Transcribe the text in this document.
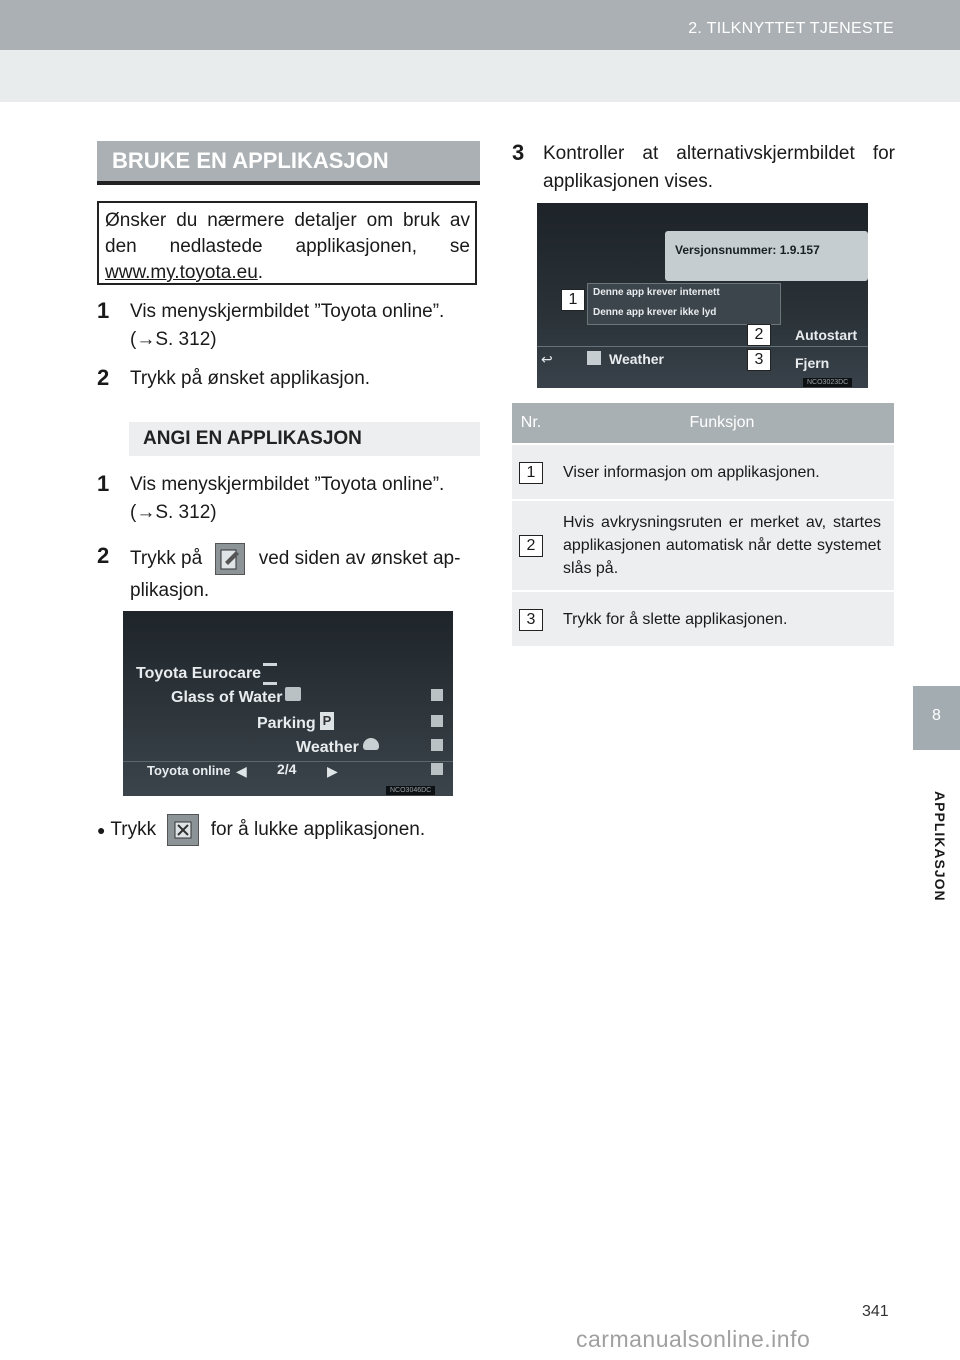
2. TILKNYTTET TJENESTE
8
APPLIKASJON
BRUKE EN APPLIKASJON
Ønsker du nærmere detaljer om bruk av den nedlastede applikasjonen, se www.my.toyota.eu.
1 Vis menyskjermbildet ”Toyota online”.
(→S. 312)
2 Trykk på ønsket applikasjon.
ANGI EN APPLIKASJON
1 Vis menyskjermbildet ”Toyota online”.
(→S. 312)
2 Trykk på	ved siden av ønsket ap-
plikasjon.
Toyota Eurocare
Glass of Water
Parking P
Weather
Toyota online ◀ 2/4 ▶
NCO3046DC
● Trykk	for å lukke applikasjonen.
3 Kontroller at alternativskjermbildet for applikasjonen vises.
Versjonsnummer: 1.9.157
Denne app krever internett
Denne app krever ikke lyd
↩	Weather
Autostart
Fjern
1
2
3
NCO3023DC
Nr.	Funksjon
1	Viser informasjon om applikasjonen.
2	Hvis avkrysningsruten er merket av, startes applikasjonen automatisk når dette systemet slås på.
3	Trykk for å slette applikasjonen.
341
carmanualsonline.info
